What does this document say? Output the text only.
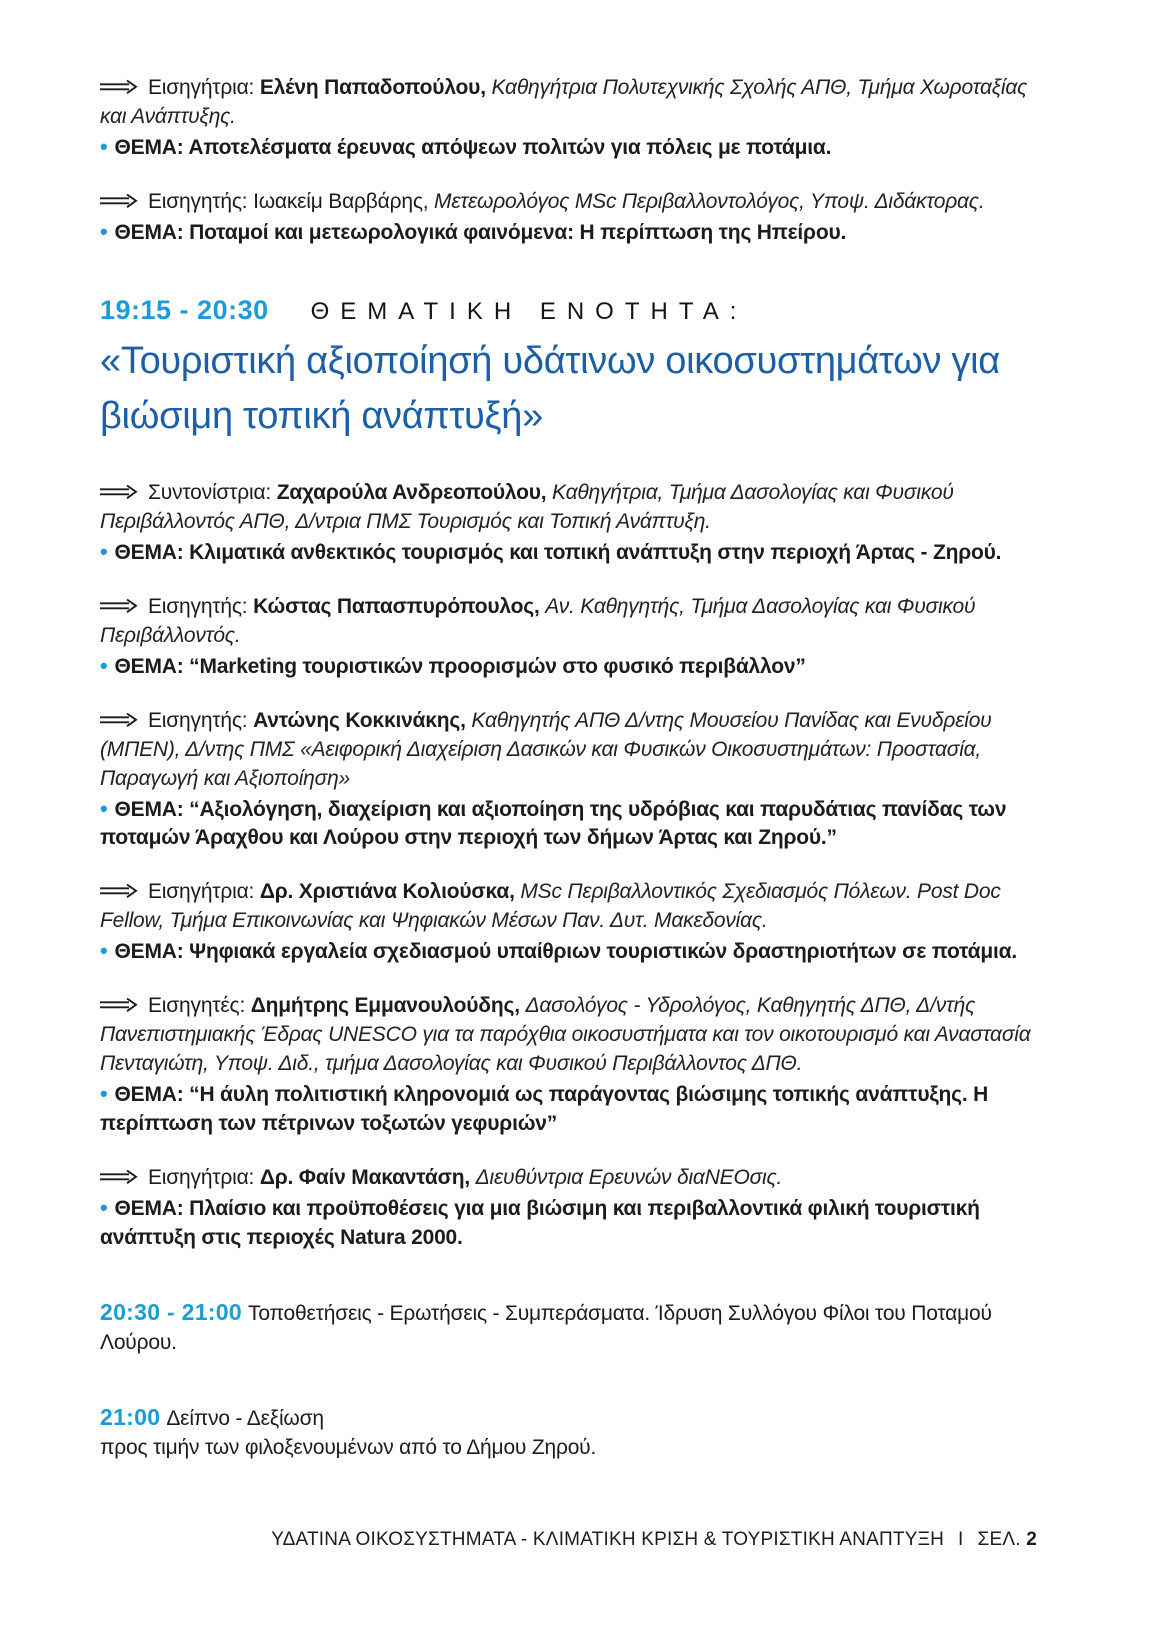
Εισηγήτρια: Ελένη Παπαδοπούλου, Καθηγήτρια Πολυτεχνικής Σχολής ΑΠΘ, Τμήμα Χωροταξίας και Ανάπτυξης.

• ΘΕΜΑ: Αποτελέσματα έρευνας απόψεων πολιτών για πόλεις με ποτάμια.

Εισηγητής: Ιωακείμ Βαρβάρης, Μετεωρολόγος MSc Περιβαλλοντολόγος, Υποψ. Διδάκτορας.

• ΘΕΜΑ: Ποταμοί και μετεωρολογικά φαινόμενα: Η περίπτωση της Ηπείρου.

19:15 - 20:30 ΘΕΜΑΤΙΚΗ ΕΝΟΤΗΤΑ:
«Τουριστική αξιοποίησή υδάτινων οικοσυστημάτων για βιώσιμη τοπική ανάπτυξή»

Συντονίστρια: Ζαχαρούλα Ανδρεοπούλου, Καθηγήτρια, Τμήμα Δασολογίας και Φυσικού Περιβάλλοντός ΑΠΘ, Δ/ντρια ΠΜΣ Τουρισμός και Τοπική Ανάπτυξη.

• ΘΕΜΑ: Κλιματικά ανθεκτικός τουρισμός και τοπική ανάπτυξη στην περιοχή Άρτας - Ζηρού.

Εισηγητής: Κώστας Παπασπυρόπουλος, Αν. Καθηγητής, Τμήμα Δασολογίας και Φυσικού Περιβάλλοντός.

• ΘΕΜΑ: “Marketing τουριστικών προορισμών στο φυσικό περιβάλλον”

Εισηγητής: Αντώνης Κοκκινάκης, Καθηγητής ΑΠΘ Δ/ντης Μουσείου Πανίδας και Ενυδρείου (ΜΠΕΝ), Δ/ντης ΠΜΣ «Αειφορική Διαχείριση Δασικών και Φυσικών Οικοσυστημάτων: Προστασία, Παραγωγή και Αξιοποίηση»

• ΘΕΜΑ: “Αξιολόγηση, διαχείριση και αξιοποίηση της υδρόβιας και παρυδάτιας πανίδας των ποταμών Άραχθου και Λούρου στην περιοχή των δήμων Άρτας και Ζηρού.”

Εισηγήτρια: Δρ. Χριστιάνα Κολιούσκα, MSc Περιβαλλοντικός Σχεδιασμός Πόλεων. Post Doc Fellow, Τμήμα Επικοινωνίας και Ψηφιακών Μέσων Παν. Δυτ. Μακεδονίας.

• ΘΕΜΑ: Ψηφιακά εργαλεία σχεδιασμού υπαίθριων τουριστικών δραστηριοτήτων σε ποτάμια.

Εισηγητές: Δημήτρης Εμμανουλούδης, Δασολόγος - Υδρολόγος, Καθηγητής ΔΠΘ, Δ/ντής Πανεπιστημιακής Έδρας UNESCO για τα παρόχθια οικοσυστήματα και τον οικοτουρισμό και Αναστασία Πενταγιώτη, Υποψ. Διδ., τμήμα Δασολογίας και Φυσικού Περιβάλλοντος ΔΠΘ.

• ΘΕΜΑ: “Η άυλη πολιτιστική κληρονομιά ως παράγοντας βιώσιμης τοπικής ανάπτυξης. Η περίπτωση των πέτρινων τοξωτών γεφυριών”

Εισηγήτρια: Δρ. Φαίν Μακαντάση, Διευθύντρια Ερευνών διαΝΕΟσις.

• ΘΕΜΑ: Πλαίσιο και προϋποθέσεις για μια βιώσιμη και περιβαλλοντικά φιλική τουριστική ανάπτυξη στις περιοχές Natura 2000.

20:30 - 21:00 Τοποθετήσεις - Ερωτήσεις - Συμπεράσματα. Ίδρυση Συλλόγου Φίλοι του Ποταμού Λούρου.

21:00 Δείπνο - Δεξίωση

προς τιμήν των φιλοξενουμένων από το Δήμου Ζηρού.

ΥΔΑΤΙΝΑ ΟΙΚΟΣΥΣΤΗΜΑΤΑ - ΚΛΙΜΑΤΙΚΗ ΚΡΙΣΗ & ΤΟΥΡΙΣΤΙΚΗ ΑΝΑΠΤΥΞΗ Ι ΣΕΛ. 2
